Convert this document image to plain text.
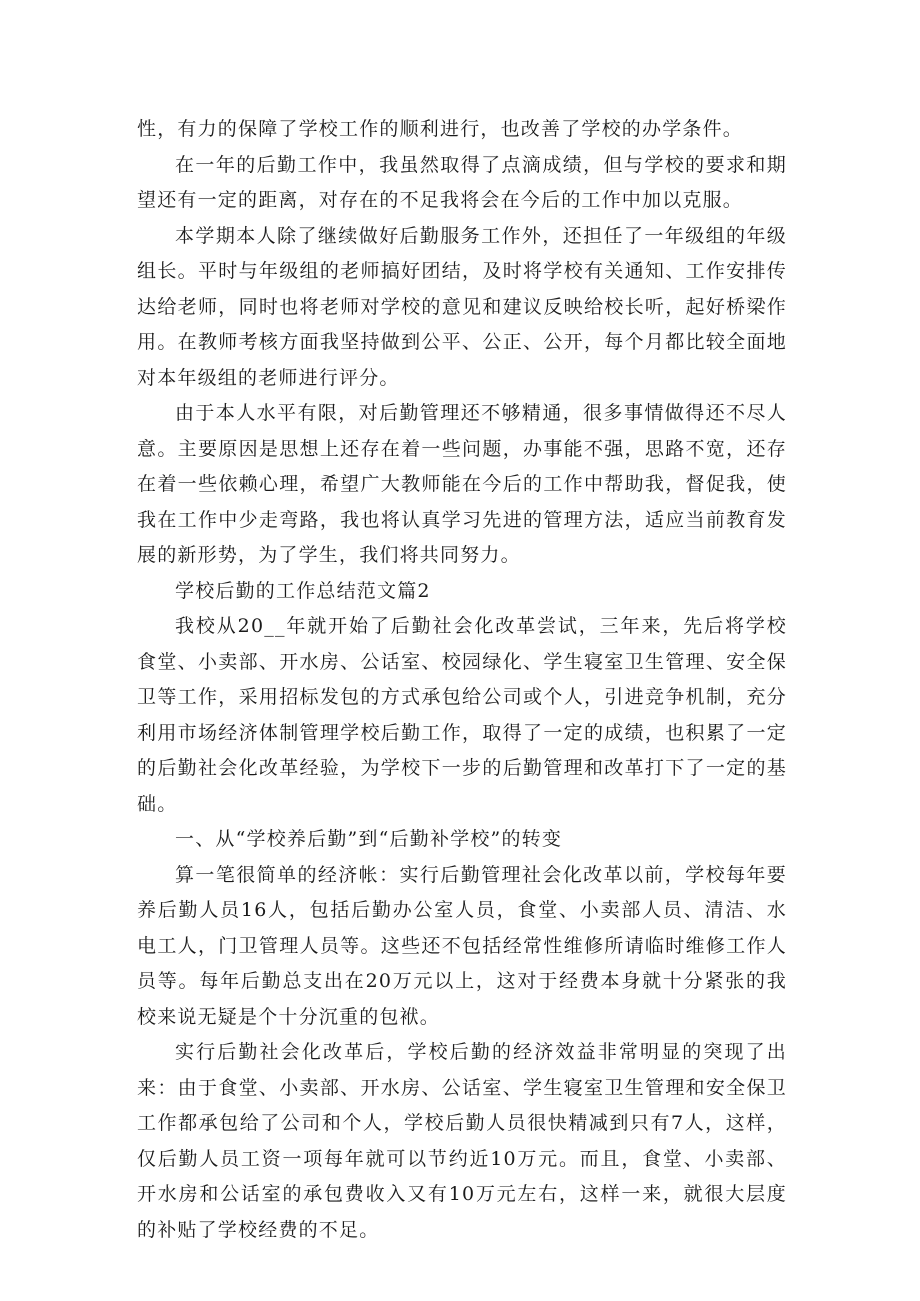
性，有力的保障了学校工作的顺利进行，也改善了学校的办学条件。

在一年的后勤工作中，我虽然取得了点滴成绩，但与学校的要求和期望还有一定的距离，对存在的不足我将会在今后的工作中加以克服。

本学期本人除了继续做好后勤服务工作外，还担任了一年级组的年级组长。平时与年级组的老师搞好团结，及时将学校有关通知、工作安排传达给老师，同时也将老师对学校的意见和建议反映给校长听，起好桥梁作用。在教师考核方面我坚持做到公平、公正、公开，每个月都比较全面地对本年级组的老师进行评分。

由于本人水平有限，对后勤管理还不够精通，很多事情做得还不尽人意。主要原因是思想上还存在着一些问题，办事能不强，思路不宽，还存在着一些依赖心理，希望广大教师能在今后的工作中帮助我，督促我，使我在工作中少走弯路，我也将认真学习先进的管理方法，适应当前教育发展的新形势，为了学生，我们将共同努力。

学校后勤的工作总结范文篇2

我校从20__年就开始了后勤社会化改革尝试，三年来，先后将学校食堂、小卖部、开水房、公话室、校园绿化、学生寝室卫生管理、安全保卫等工作，采用招标发包的方式承包给公司或个人，引进竞争机制，充分利用市场经济体制管理学校后勤工作，取得了一定的成绩，也积累了一定的后勤社会化改革经验，为学校下一步的后勤管理和改革打下了一定的基础。

一、从“学校养后勤”到“后勤补学校”的转变

算一笔很简单的经济帐：实行后勤管理社会化改革以前，学校每年要养后勤人员16人，包括后勤办公室人员，食堂、小卖部人员、清洁、水电工人，门卫管理人员等。这些还不包括经常性维修所请临时维修工作人员等。每年后勤总支出在20万元以上，这对于经费本身就十分紧张的我校来说无疑是个十分沉重的包袱。

实行后勤社会化改革后，学校后勤的经济效益非常明显的突现了出来：由于食堂、小卖部、开水房、公话室、学生寝室卫生管理和安全保卫工作都承包给了公司和个人，学校后勤人员很快精减到只有7人，这样，仅后勤人员工资一项每年就可以节约近10万元。而且，食堂、小卖部、开水房和公话室的承包费收入又有10万元左右，这样一来，就很大层度的补贴了学校经费的不足。
